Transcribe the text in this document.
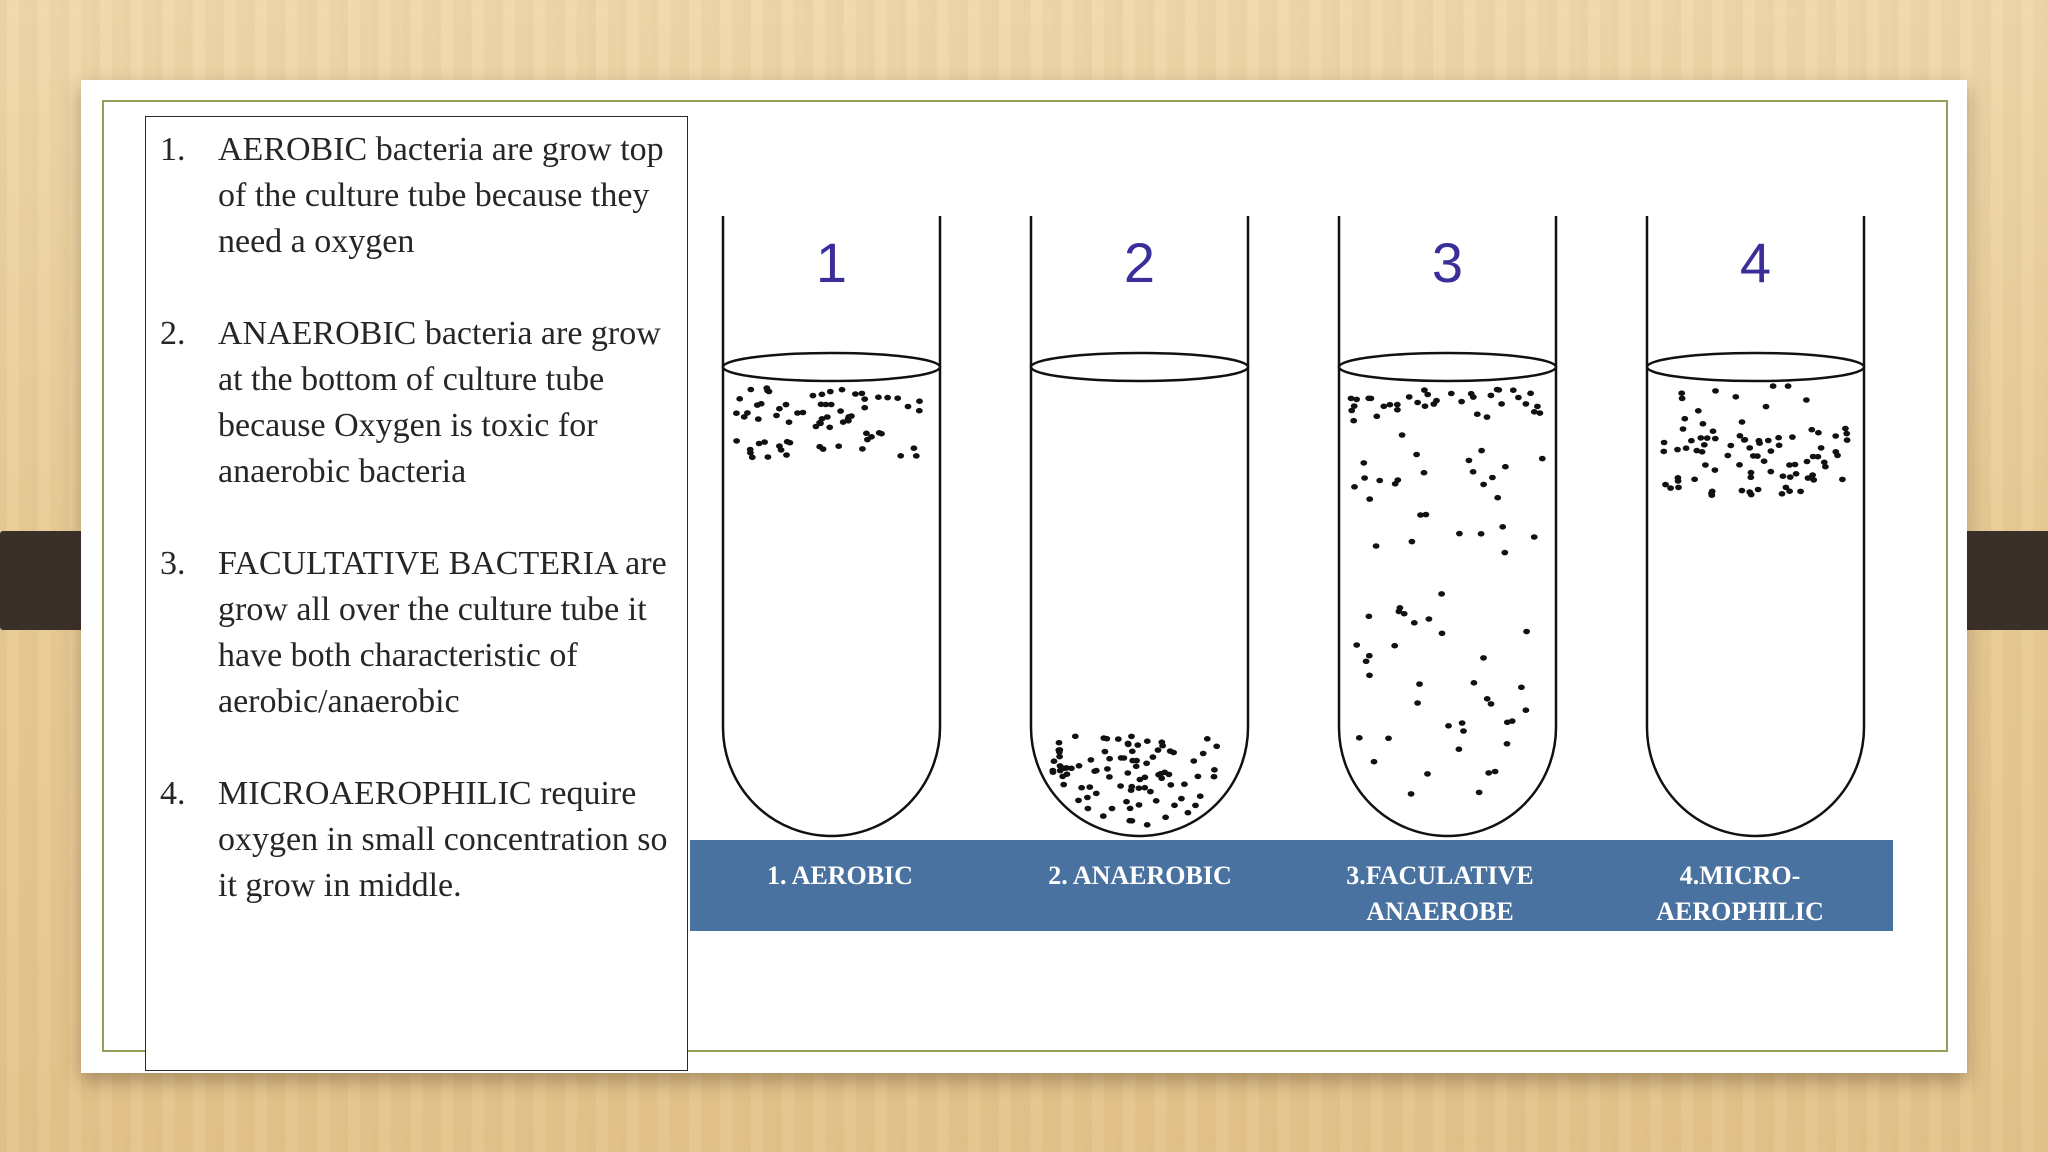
1. AEROBIC bacteria are grow top of the culture tube because they need a oxygen
2. ANAEROBIC bacteria are grow at the bottom of culture tube because Oxygen is toxic for anaerobic bacteria
3. FACULTATIVE BACTERIA are grow all over the culture tube it have both characteristic of aerobic/anaerobic
4. MICROAEROPHILIC require oxygen in small concentration so it grow in middle.
1	2	3	4
1. AEROBIC	2. ANAEROBIC	3.FACULATIVE ANAEROBE
4.MICRO-AEROPHILIC
